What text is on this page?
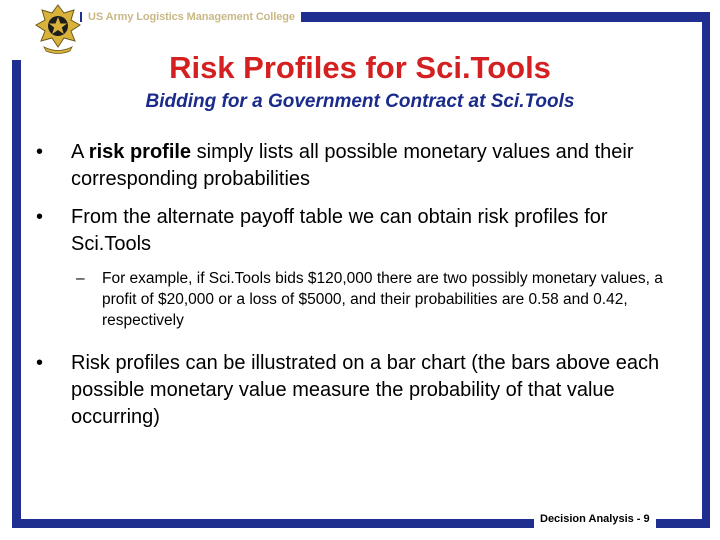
US Army Logistics Management College
Risk Profiles for Sci.Tools
Bidding for a Government Contract at Sci.Tools
• A risk profile simply lists all possible monetary values and their corresponding probabilities
• From the alternate payoff table we can obtain risk profiles for Sci.Tools
– For example, if Sci.Tools bids $120,000 there are two possibly monetary values, a profit of $20,000 or a loss of $5000, and their probabilities are 0.58 and 0.42, respectively
• Risk profiles can be illustrated on a bar chart (the bars above each possible monetary value measure the probability of that value occurring)
Decision Analysis - 9
